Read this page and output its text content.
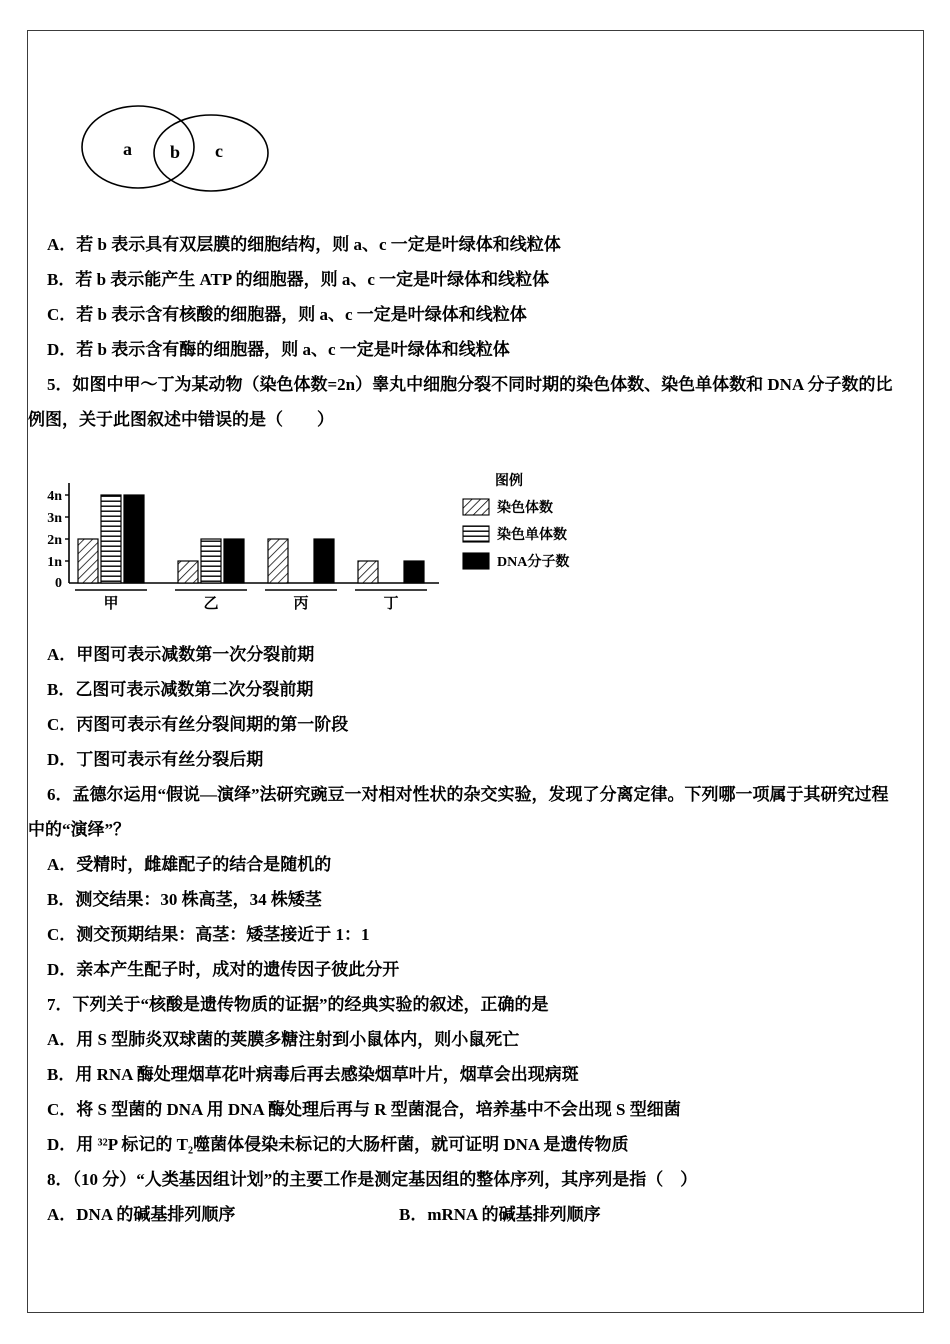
a b c

A．若 b 表示具有双层膜的细胞结构，则 a、c 一定是叶绿体和线粒体

B．若 b 表示能产生 ATP 的细胞器，则 a、c 一定是叶绿体和线粒体

C．若 b 表示含有核酸的细胞器，则 a、c 一定是叶绿体和线粒体

D．若 b 表示含有酶的细胞器，则 a、c 一定是叶绿体和线粒体

5．如图中甲～丁为某动物（染色体数=2n）睾丸中细胞分裂不同时期的染色体数、染色单体数和 DNA 分子数的比例图，关于此图叙述中错误的是（　　）

1n
2n
3n
4n
0
甲	乙	丙	丁
图例
染色体数
染色单体数
DNA分子数

A．甲图可表示减数第一次分裂前期

B．乙图可表示减数第二次分裂前期

C．丙图可表示有丝分裂间期的第一阶段

D．丁图可表示有丝分裂后期

6．孟德尔运用“假说—演绎”法研究豌豆一对相对性状的杂交实验，发现了分离定律。下列哪一项属于其研究过程中的“演绎”？

A．受精时，雌雄配子的结合是随机的

B．测交结果：30 株高茎，34 株矮茎

C．测交预期结果：高茎：矮茎接近于 1：1

D．亲本产生配子时，成对的遗传因子彼此分开

7．下列关于“核酸是遗传物质的证据”的经典实验的叙述，正确的是

A．用 S 型肺炎双球菌的荚膜多糖注射到小鼠体内，则小鼠死亡

B．用 RNA 酶处理烟草花叶病毒后再去感染烟草叶片，烟草会出现病斑

C．将 S 型菌的 DNA 用 DNA 酶处理后再与 R 型菌混合，培养基中不会出现 S 型细菌

D．用 ³²P 标记的 T₂噬菌体侵染未标记的大肠杆菌，就可证明 DNA 是遗传物质

8．（10 分）“人类基因组计划”的主要工作是测定基因组的整体序列，其序列是指（　）

A．DNA 的碱基排列顺序	B．mRNA 的碱基排列顺序
